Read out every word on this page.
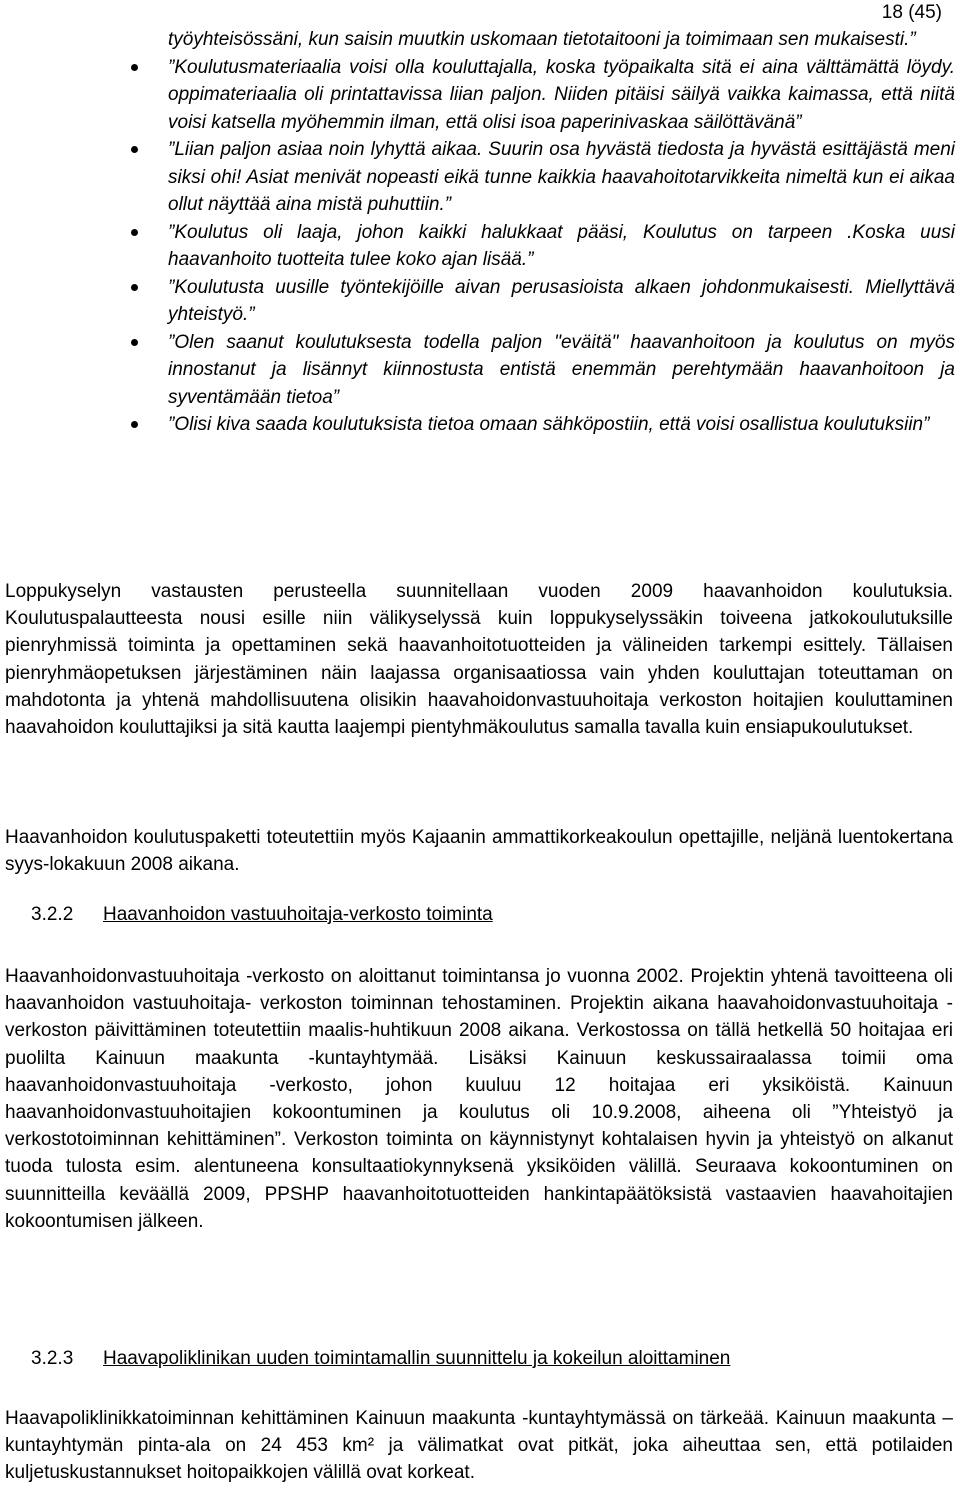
18 (45)
työyhteisössäni, kun saisin muutkin uskomaan tietotaitooni ja toimimaan sen mukaisesti.”
”Koulutusmateriaalia voisi olla kouluttajalla, koska työpaikalta sitä ei aina välttämättä löydy. oppimateriaalia oli printattavissa liian paljon. Niiden pitäisi säilyä vaikka kaimassa, että niitä voisi katsella myöhemmin ilman, että olisi isoa paperinivaskaa säilöttävänä”
”Liian paljon asiaa noin lyhyttä aikaa. Suurin osa hyvästä tiedosta ja hyvästä esittäjästä meni siksi ohi! Asiat menivät nopeasti eikä tunne kaikkia haavahoitotarvikkeita nimeltä kun ei aikaa ollut näyttää aina mistä puhuttiin.”
”Koulutus oli laaja, johon kaikki halukkaat pääsi, Koulutus on tarpeen .Koska uusi haavanhoito tuotteita tulee koko ajan lisää.”
”Koulutusta uusille työntekijöille aivan perusasioista alkaen johdonmukaisesti. Miellyttävä yhteistyö.”
”Olen saanut koulutuksesta todella paljon "eväitä" haavanhoitoon ja koulutus on myös innostanut ja lisännyt kiinnostusta entistä enemmän perehtymään haavanhoitoon ja syventämään tietoa”
”Olisi kiva saada koulutuksista tietoa omaan sähköpostiin, että voisi osallistua koulutuksiin”

Loppukyselyn vastausten perusteella suunnitellaan vuoden 2009 haavanhoidon koulutuksia. Koulutuspalautteesta nousi esille niin välikyselyssä kuin loppukyselyssäkin toiveena jatkokoulutuksille pienryhmissä toiminta ja opettaminen sekä haavanhoitotuotteiden ja välineiden tarkempi esittely. Tällaisen pienryhmäopetuksen järjestäminen näin laajassa organisaatiossa vain yhden kouluttajan toteuttaman on mahdotonta ja yhtenä mahdollisuutena olisikin haavahoidonvastuuhoitaja verkoston hoitajien kouluttaminen haavahoidon kouluttajiksi ja sitä kautta laajempi pientyhmäkoulutus samalla tavalla kuin ensiapukoulutukset.

Haavanhoidon koulutuspaketti toteutettiin myös Kajaanin ammattikorkeakoulun opettajille, neljänä luentokertana syys-lokakuun 2008 aikana.

3.2.2 Haavanhoidon vastuuhoitaja-verkosto toiminta

Haavanhoidonvastuuhoitaja -verkosto on aloittanut toimintansa jo vuonna 2002. Projektin yhtenä tavoitteena oli haavanhoidon vastuuhoitaja- verkoston toiminnan tehostaminen. Projektin aikana haavahoidonvastuuhoitaja -verkoston päivittäminen toteutettiin maalis-huhtikuun 2008 aikana. Verkostossa on tällä hetkellä 50 hoitajaa eri puolilta Kainuun maakunta -kuntayhtymää. Lisäksi Kainuun keskussairaalassa toimii oma haavanhoidonvastuuhoitaja -verkosto, johon kuuluu 12 hoitajaa eri yksiköistä. Kainuun haavanhoidonvastuuhoitajien kokoontuminen ja koulutus oli 10.9.2008, aiheena oli ”Yhteistyö ja verkostotoiminnan kehittäminen”. Verkoston toiminta on käynnistynyt kohtalaisen hyvin ja yhteistyö on alkanut tuoda tulosta esim. alentuneena konsultaatiokynnyksenä yksiköiden välillä. Seuraava kokoontuminen on suunnitteilla keväällä 2009, PPSHP haavanhoitotuotteiden hankintapäätöksistä vastaavien haavahoitajien kokoontumisen jälkeen.

3.2.3 Haavapoliklinikan uuden toimintamallin suunnittelu ja kokeilun aloittaminen

Haavapoliklinikkatoiminnan kehittäminen Kainuun maakunta -kuntayhtymässä on tärkeää. Kainuun maakunta – kuntayhtymän pinta-ala on 24 453 km² ja välimatkat ovat pitkät, joka aiheuttaa sen, että potilaiden kuljetuskustannukset hoitopaikkojen välillä ovat korkeat.
